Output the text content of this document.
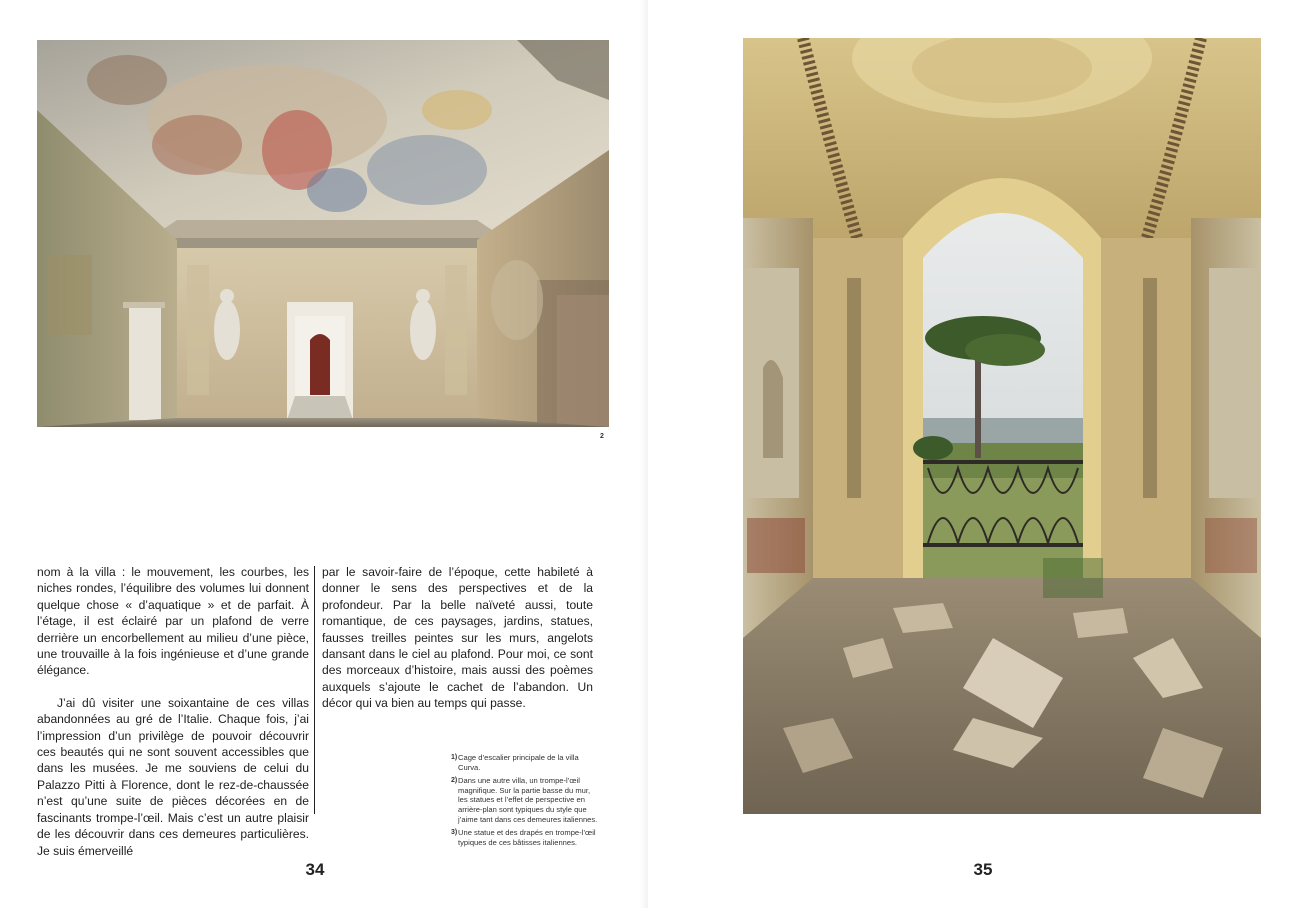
2

nom à la villa : le mouvement, les courbes, les niches rondes, l’équilibre des volumes lui donnent quelque chose « d’aquatique » et de parfait. À l’étage, il est éclairé par un plafond de verre derrière un encorbellement au milieu d’une pièce, une trouvaille à la fois ingénieuse et d’une grande élégance.

J’ai dû visiter une soixantaine de ces villas abandonnées au gré de l’Italie. Chaque fois, j’ai l’impression d’un privilège de pouvoir découvrir ces beautés qui ne sont souvent accessibles que dans les musées. Je me souviens de celui du Palazzo Pitti à Florence, dont le rez-de-chaussée n’est qu’une suite de pièces décorées en de fascinants trompe-l’œil. Mais c’est un autre plaisir de les découvrir dans ces demeures particulières. Je suis émerveillé

par le savoir-faire de l’époque, cette habileté à donner le sens des perspectives et de la profondeur. Par la belle naïveté aussi, toute romantique, de ces paysages, jardins, statues, fausses treilles peintes sur les murs, angelots dansant dans le ciel au plafond. Pour moi, ce sont des morceaux d’histoire, mais aussi des poèmes auxquels s’ajoute le cachet de l’abandon. Un décor qui va bien au temps qui passe.

1) Cage d’escalier principale de la villa Curva.
2) Dans une autre villa, un trompe-l’œil magnifique. Sur la partie basse du mur, les statues et l’effet de perspective en arrière-plan sont typiques du style que j’aime tant dans ces demeures italiennes.
3) Une statue et des drapés en trompe-l’œil typiques de ces bâtisses italiennes.
34	35
